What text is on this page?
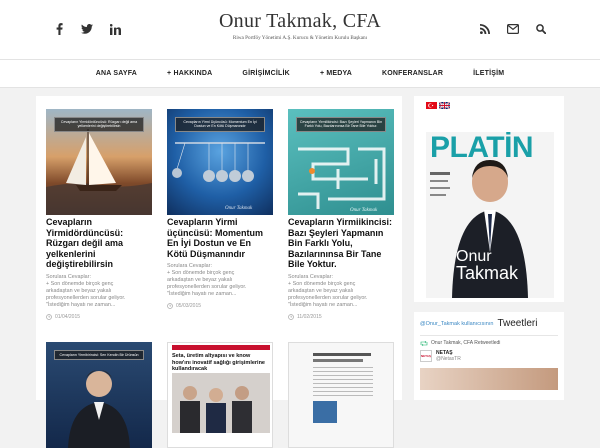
Onur Takmak, CFA
Riwa Portföy Yönetimi A.Ş. Kurucu & Yönetim Kurulu Başkanı
ANA SAYFA	+ HAKKINDA	GİRİŞİMCİLİK	+ MEDYA	KONFERANSLAR	İLETİŞİM
Cevapların Yirmidördüncüsü: Rüzgarı değil ama yelkenlerini değiştirebilirsin
Cevapların Yirmidördüncüsü: Rüzgarı değil ama yelkenlerini değiştirebilirsin
Sorulara Cevaplar:
+ Son dönemde birçok genç
arkadaştan ve beyaz yakalı
profesyonellerden sorular geliyor.
"İstediğim hayatı ne zaman...
01/04/2015
Onur Takmak
Cevapların Yirmi Üçüncüsü: Momentum En İyi Dostun ve En Kötü Düşmanındır
Cevapların Yirmi üçüncüsü: Momentum En İyi Dostun ve En Kötü Düşmanındır
Sorulara Cevaplar:
+ Son dönemde birçok genç
arkadaştan ve beyaz yakalı
profesyonellerden sorular geliyor.
"İstediğim hayatı ne zaman...
05/03/2015
Onur Takmak
Cevapların Yirmilikincisi: Bazı Şeyleri Yapmanın Bin Farklı Yolu, Bazılarınınsa Bir Tane Bile Yoktur.
Cevapların Yirmiikincisi: Bazı Şeyleri Yapmanın Bin Farklı Yolu, Bazılarınınsa Bir Tane Bile Yoktur.
Sorulara Cevaplar:
+ Son dönemde birçok genç
arkadaştan ve beyaz yakalı
profesyonellerden sorular geliyor.
"İstediğim hayatı ne zaman...
11/02/2015
Cevapların Yirmibirincisi: Sen Kendin Bir Ürünsün	Seta, üretim altyapısı ve know how'ını inovatif sağlığı girişimlerine kullandıracak
PLATİN
Onur
Takmak
@Onur_Takmak kullanıcısının Tweetleri
Onur Takmak, CFA Retweetledi
NETAŞ NETAŞ
@NetasTR
